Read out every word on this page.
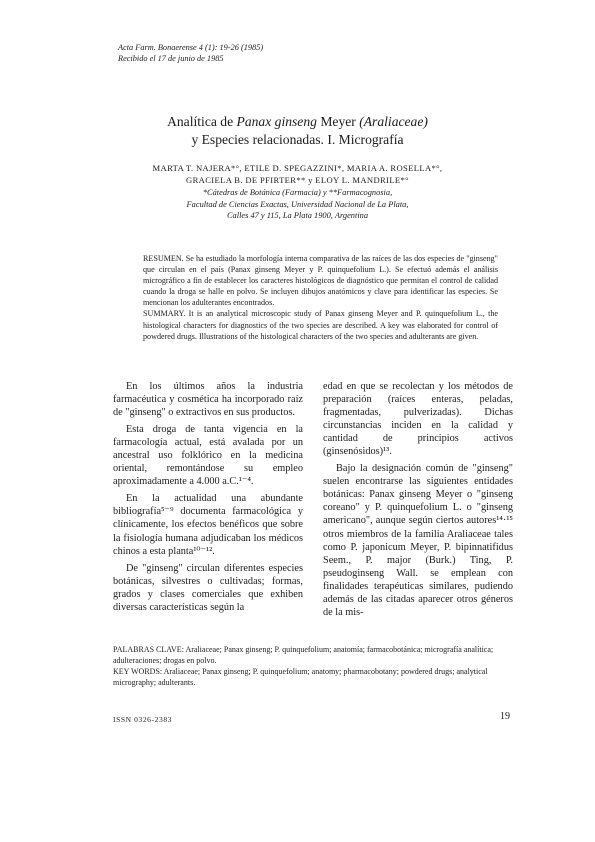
Acta Farm. Bonaerense 4 (1): 19-26 (1985)
Recibido el 17 de junio de 1985
Analítica de Panax ginseng Meyer (Araliaceae)
y Especies relacionadas. I. Micrografía
MARTA T. NAJERA*°, ETILE D. SPEGAZZINI*, MARIA A. ROSELLA*°,
GRACIELA B. DE PFIRTER** y ELOY L. MANDRILE*°
*Cátedras de Botánica (Farmacia) y **Farmacognosia,
Facultad de Ciencias Exactas, Universidad Nacional de La Plata,
Calles 47 y 115, La Plata 1900, Argentina

RESUMEN. Se ha estudiado la morfología interna comparativa de las raíces de las dos especies de "ginseng" que circulan en el país (Panax ginseng Meyer y P. quinquefolium L.). Se efectuó además el análisis micrográfico a fin de establecer los caracteres histológicos de diagnóstico que permitan el control de calidad cuando la droga se halle en polvo. Se incluyen dibujos anatómicos y clave para identificar las especies. Se mencionan los adulterantes encontrados.

SUMMARY. It is an analytical microscopic study of Panax ginseng Meyer and P. quinquefolium L., the histological characters for diagnostics of the two species are described. A key was elaborated for control of powdered drugs. Illustrations of the histological characters of the two species and adulterants are given.

En los últimos años la industria farmacéutica y cosmética ha incorporado raíz de "ginseng" o extractivos en sus productos.

Esta droga de tanta vigencia en la farmacología actual, está avalada por un ancestral uso folklórico en la medicina oriental, remontándose su empleo aproximadamente a 4.000 a.C.¹⁻⁴.

En la actualidad una abundante bibliografía⁵⁻⁹ documenta farmacológica y clínicamente, los efectos benéficos que sobre la fisiología humana adjudicaban los médicos chinos a esta planta¹⁰⁻¹².

De "ginseng" circulan diferentes especies botánicas, silvestres o cultivadas; formas, grados y clases comerciales que exhiben diversas características según la

edad en que se recolectan y los métodos de preparación (raíces enteras, peladas, fragmentadas, pulverizadas). Dichas circunstancias inciden en la calidad y cantidad de principios activos (ginsenósidos)¹³.

Bajo la designación común de "ginseng" suelen encontrarse las siguientes entidades botánicas: Panax ginseng Meyer o "ginseng coreano" y P. quinquefolium L. o "ginseng americano", aunque según ciertos autores¹⁴·¹⁵ otros miembros de la familia Araliaceae tales como P. japonicum Meyer, P. bipinnatifidus Seem., P. major (Burk.) Ting, P. pseudoginseng Wall. se emplean con finalidades terapéuticas similares, pudiendo además de las citadas aparecer otros géneros de la mis-

PALABRAS CLAVE: Araliaceae; Panax ginseng; P. quinquefolium; anatomía; farmacobotánica; micrografía analítica; adulteraciones; drogas en polvo.

KEY WORDS: Araliaceae; Panax ginseng; P. quinquefolium; anatomy; pharmacobotany; powdered drugs; analytical micrography; adulterants.

ISSN 0326-2383	19
